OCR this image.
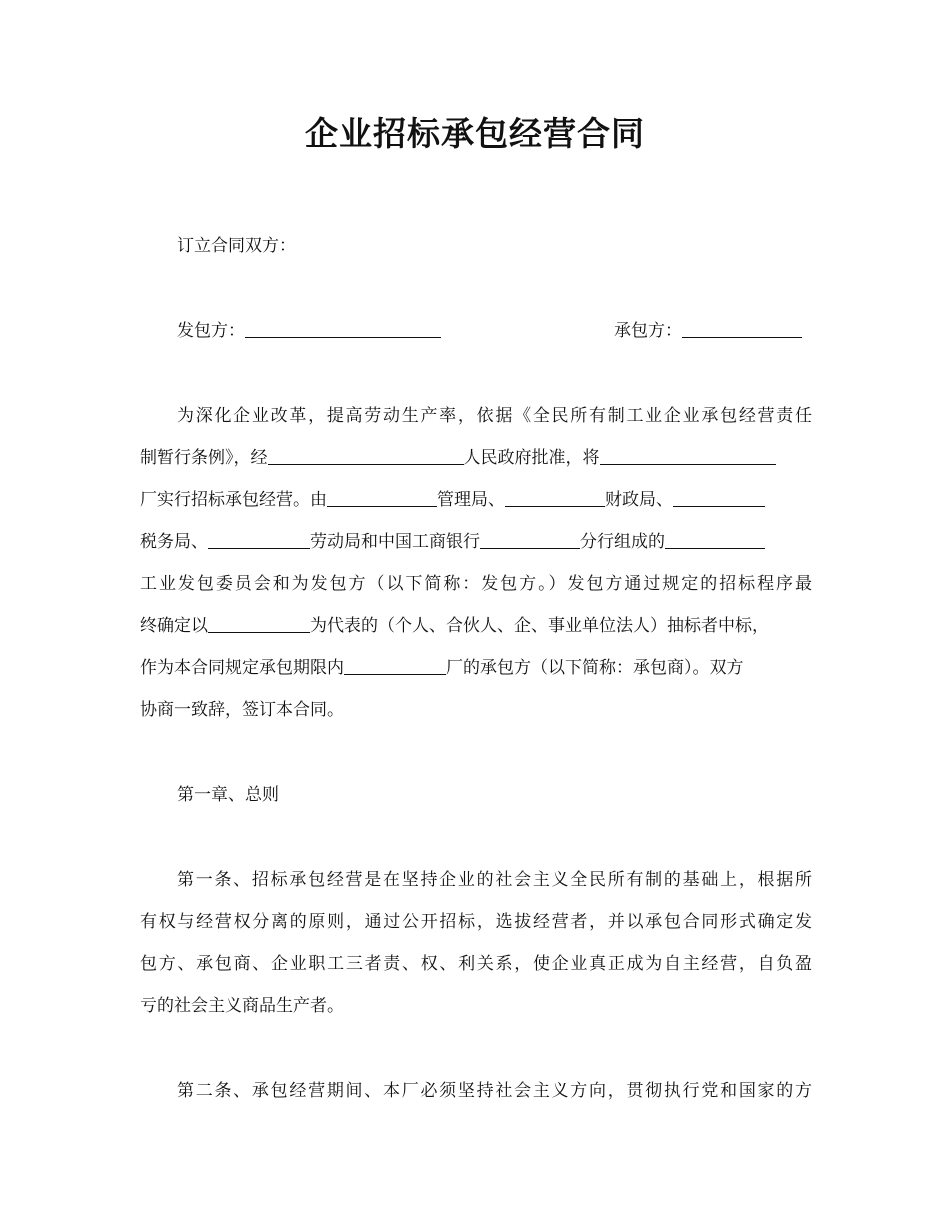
企业招标承包经营合同
订立合同双方：
发包方：	承包方：
为深化企业改革，提高劳动生产率，依据《全民所有制工业企业承包经营责任
制暂行条例》，经	人民政府批准，将
厂实行招标承包经营。由	管理局、	财政局、
税务局、	劳动局和中国工商银行	分行组成的
工业发包委员会和为发包方（以下简称：发包方。）发包方通过规定的招标程序最
终确定以	为代表的（个人、合伙人、企、事业单位法人）抽标者中标，
作为本合同规定承包期限内	厂的承包方（以下简称：承包商）。双方
协商一致辞，签订本合同。
第一章、总则
第一条、招标承包经营是在坚持企业的社会主义全民所有制的基础上，根据所
有权与经营权分离的原则，通过公开招标，选拔经营者，并以承包合同形式确定发
包方、承包商、企业职工三者责、权、利关系，使企业真正成为自主经营，自负盈
亏的社会主义商品生产者。
第二条、承包经营期间、本厂必须坚持社会主义方向，贯彻执行党和国家的方
